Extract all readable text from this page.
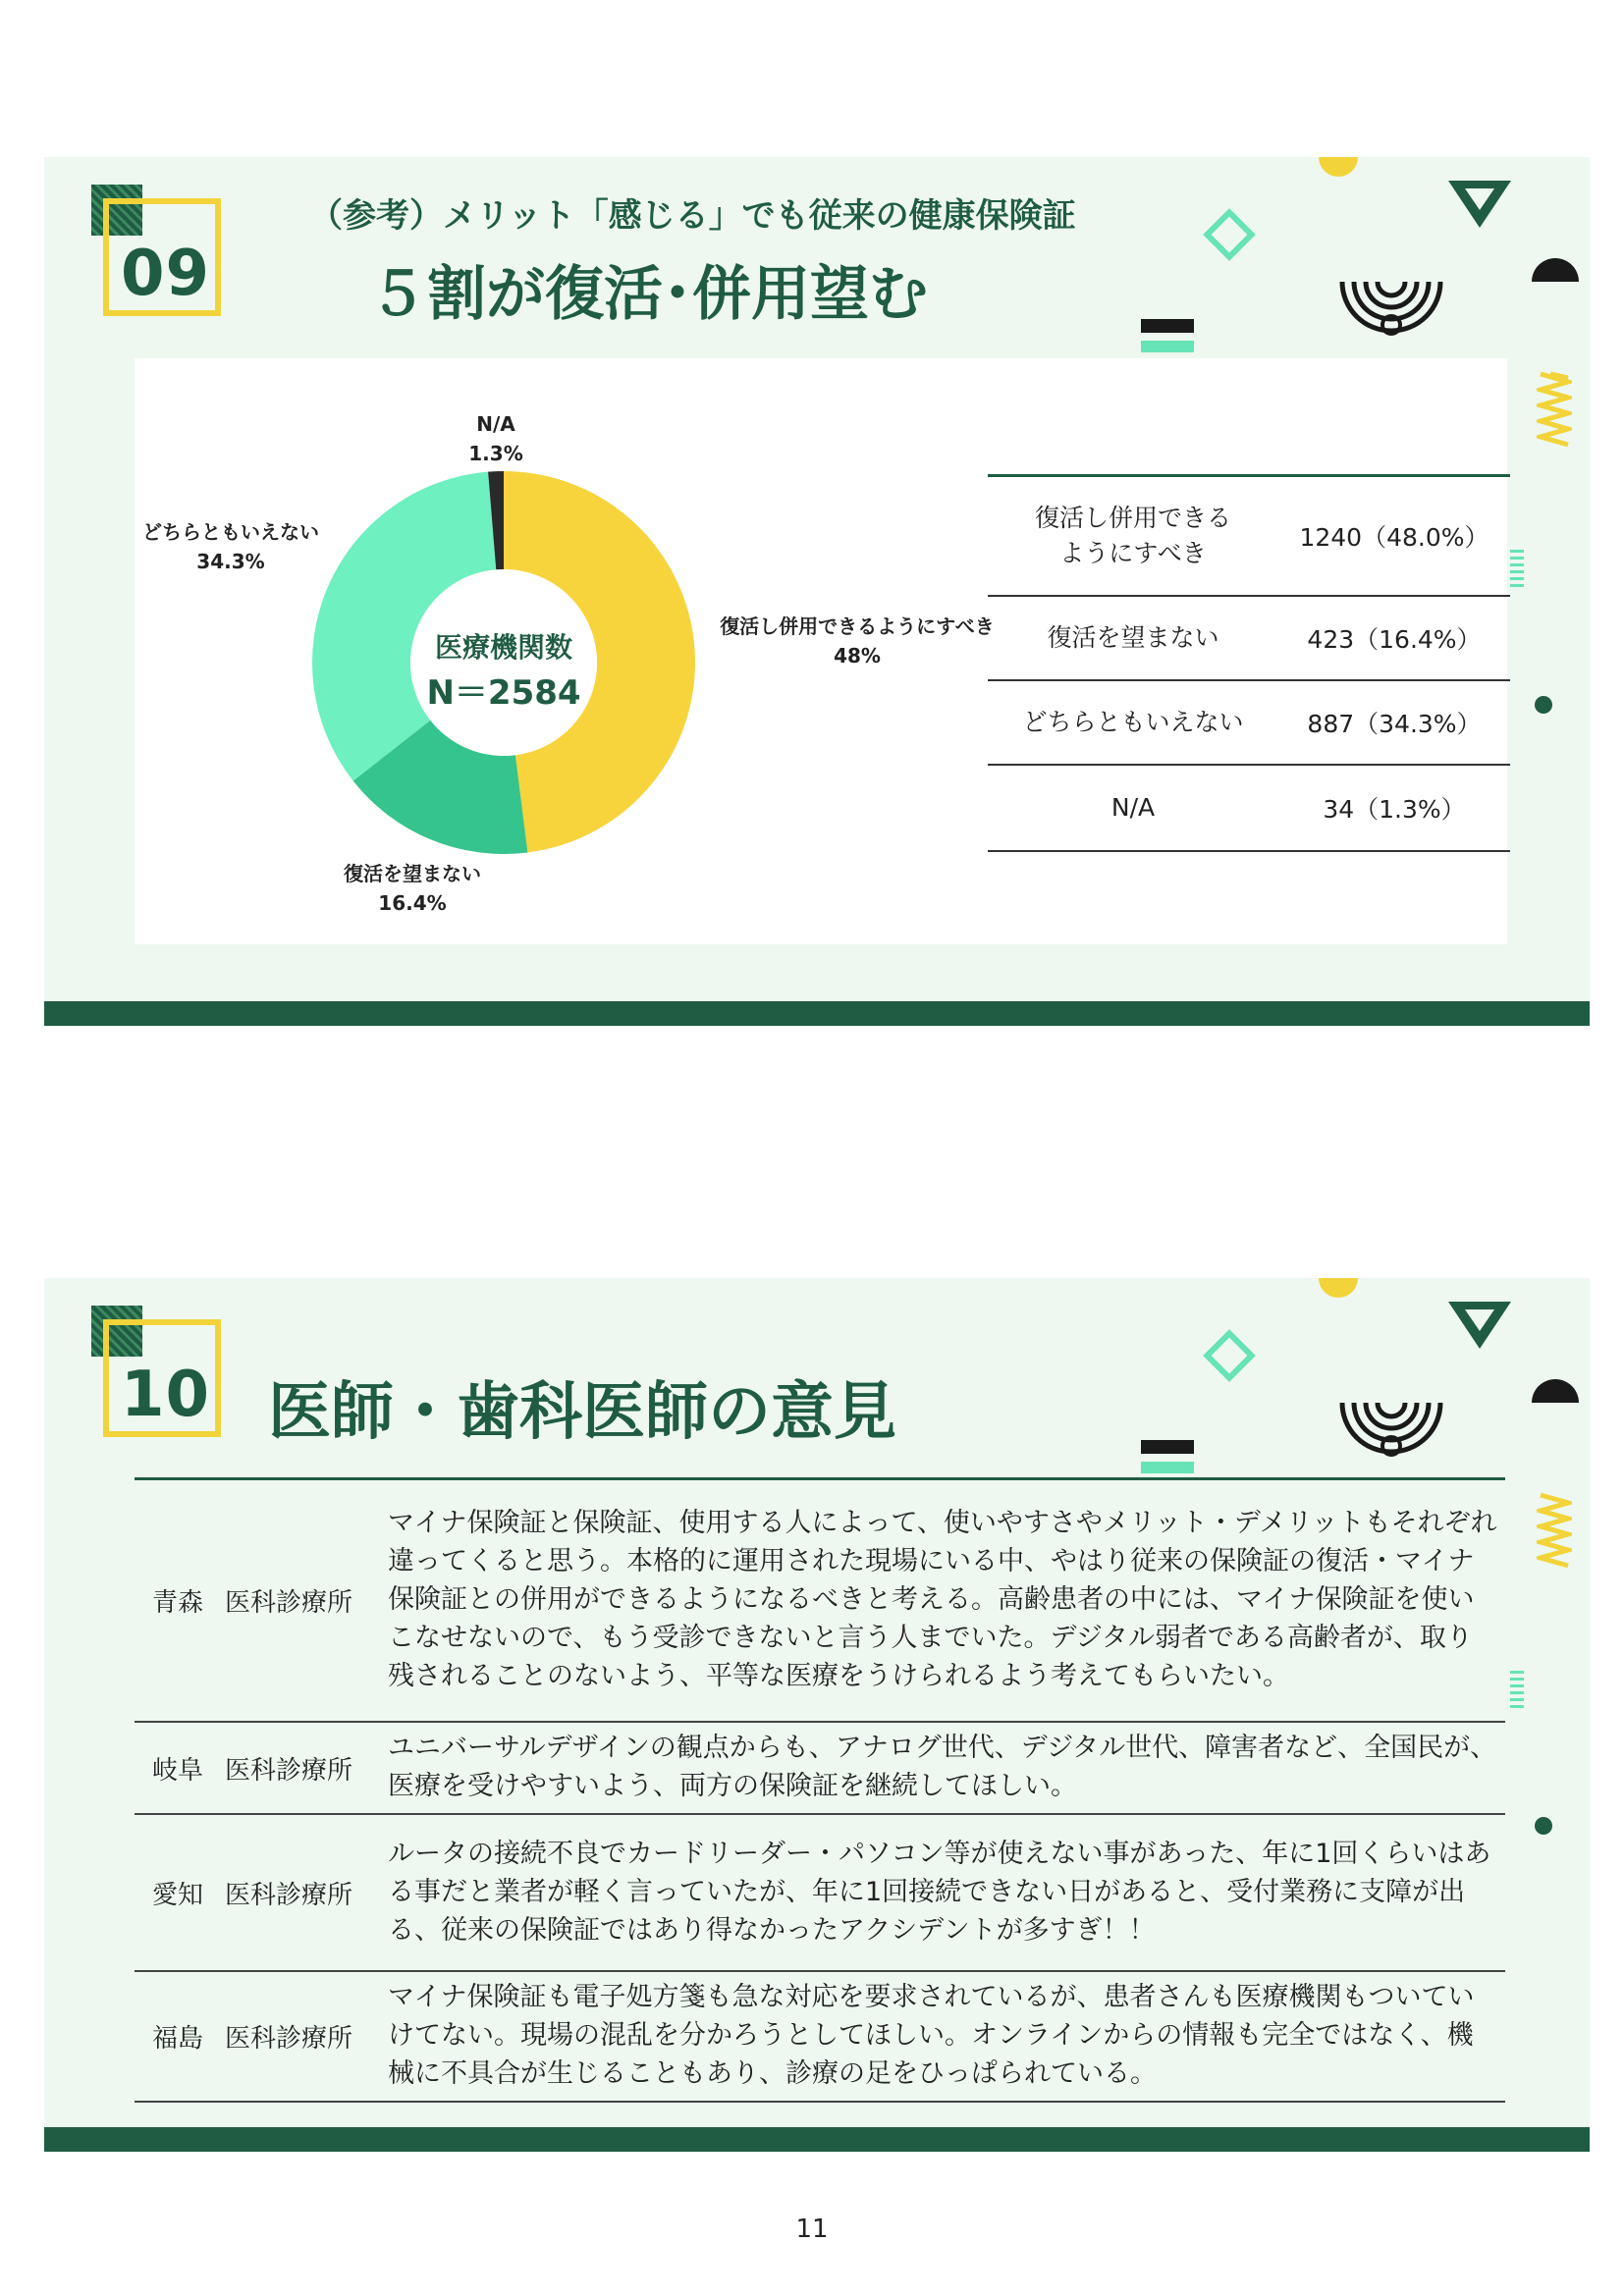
09
（参考）メリット「感じる」でも従来の健康保険証
５割が復活･併用望む
医療機関数
N＝2584
N/A
1.3%
どちらともいえない
34.3%
復活し併用できるようにすべき
48%
復活を望まない
16.4%
復活し併用できる
ようにすべき
1240（48.0%）
復活を望まない	423（16.4%）
どちらともいえない	887（34.3%）
N/A	34（1.3%）
10 医師・歯科医師の意見
青森 医科診療所
マイナ保険証と保険証、使用する人によって、使いやすさやメリット・デメリットもそれぞれ違ってくると思う。本格的に運用された現場にいる中、やはり従来の保険証の復活・マイナ保険証との併用ができるようになるべきと考える。高齢患者の中には、マイナ保険証を使いこなせないので、もう受診できないと言う人までいた。デジタル弱者である高齢者が、取り残されることのないよう、平等な医療をうけられるよう考えてもらいたい。
岐阜 医科診療所
ユニバーサルデザインの観点からも、アナログ世代、デジタル世代、障害者など、全国民が、医療を受けやすいよう、両方の保険証を継続してほしい。
愛知 医科診療所
ルータの接続不良でカードリーダー・パソコン等が使えない事があった、年に1回くらいはある事だと業者が軽く言っていたが、年に1回接続できない日があると、受付業務に支障が出る、従来の保険証ではあり得なかったアクシデントが多すぎ！！
福島 医科診療所
マイナ保険証も電子処方箋も急な対応を要求されているが、患者さんも医療機関もついていけてない。現場の混乱を分かろうとしてほしい。オンラインからの情報も完全ではなく、機械に不具合が生じることもあり、診療の足をひっぱられている。
11
